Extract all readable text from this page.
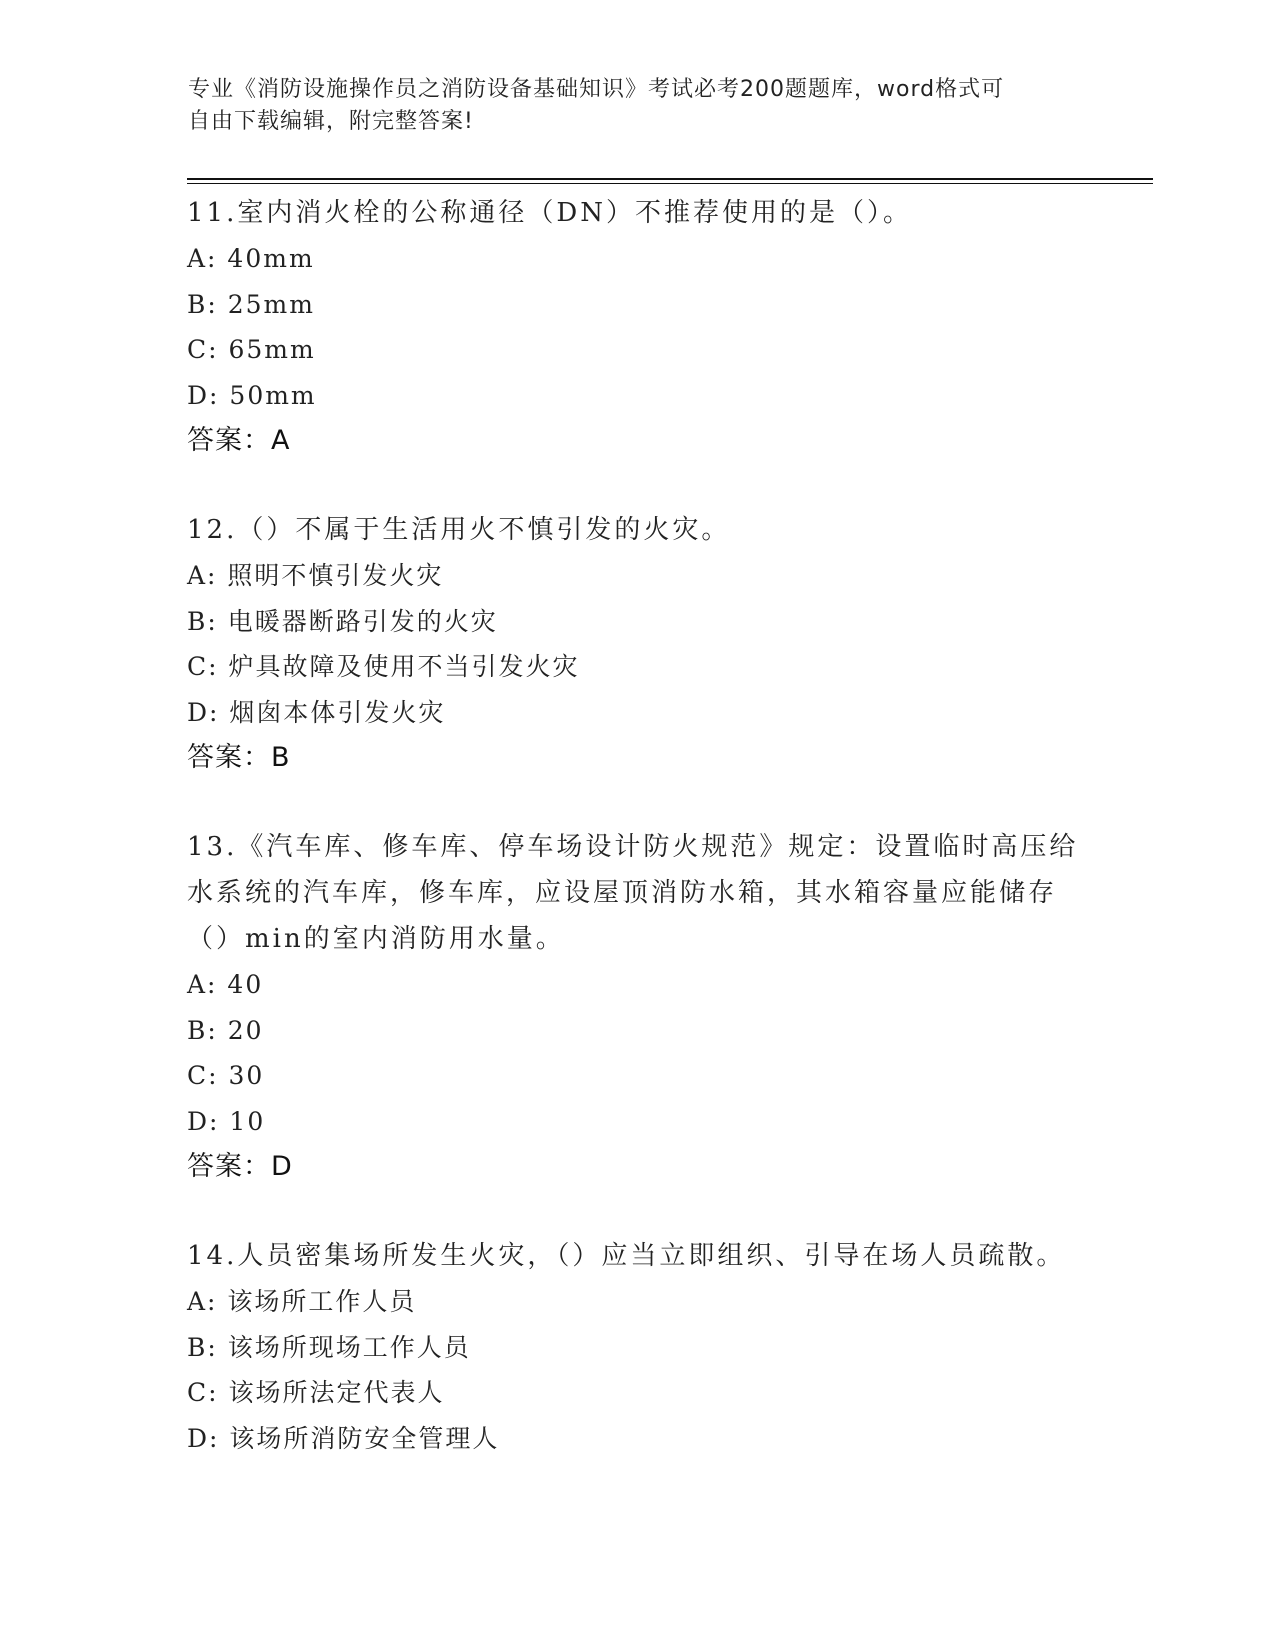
专业《消防设施操作员之消防设备基础知识》考试必考200题题库，word格式可
自由下载编辑，附完整答案!
11.室内消火栓的公称通径（DN）不推荐使用的是（）。
A: 40mm
B: 25mm
C: 65mm
D: 50mm
答案：A
12.（）不属于生活用火不慎引发的火灾。
A: 照明不慎引发火灾
B: 电暖器断路引发的火灾
C: 炉具故障及使用不当引发火灾
D: 烟囱本体引发火灾
答案：B
13.《汽车库、修车库、停车场设计防火规范》规定：设置临时高压给水系统的汽车库，修车库，应设屋顶消防水箱，其水箱容量应能储存（）min的室内消防用水量。
A: 40
B: 20
C: 30
D: 10
答案：D
14.人员密集场所发生火灾，（）应当立即组织、引导在场人员疏散。
A: 该场所工作人员
B: 该场所现场工作人员
C: 该场所法定代表人
D: 该场所消防安全管理人
